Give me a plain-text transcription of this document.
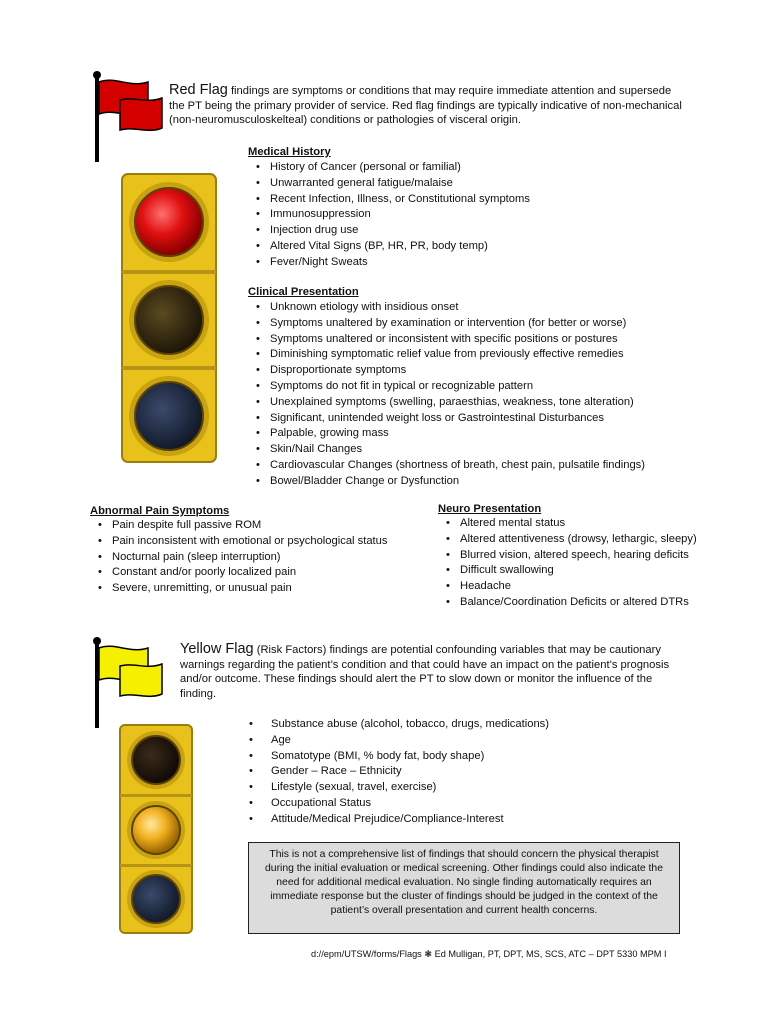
Red Flag findings are symptoms or conditions that may require immediate attention and supersede the PT being the primary provider of service. Red flag findings are typically indicative of non-mechanical (non-neuromusculoskelteal) conditions or pathologies of visceral origin.
Medical History
• History of Cancer (personal or familial)
• Unwarranted general fatigue/malaise
• Recent Infection, Illness, or Constitutional symptoms
• Immunosuppression
• Injection drug use
• Altered Vital Signs (BP, HR, PR, body temp)
• Fever/Night Sweats
Clinical Presentation
• Unknown etiology with insidious onset
• Symptoms unaltered by examination or intervention (for better or worse)
• Symptoms unaltered or inconsistent with specific positions or postures
• Diminishing symptomatic relief value from previously effective remedies
• Disproportionate symptoms
• Symptoms do not fit in typical or recognizable pattern
• Unexplained symptoms (swelling, paraesthias, weakness, tone alteration)
• Significant, unintended weight loss or Gastrointestinal Disturbances
• Palpable, growing mass
• Skin/Nail Changes
• Cardiovascular Changes (shortness of breath, chest pain, pulsatile findings)
• Bowel/Bladder Change or Dysfunction
Abnormal Pain Symptoms
• Pain despite full passive ROM
• Pain inconsistent with emotional or psychological status
• Nocturnal pain (sleep interruption)
• Constant and/or poorly localized pain
• Severe, unremitting, or unusual pain
Neuro Presentation
• Altered mental status
• Altered attentiveness (drowsy, lethargic, sleepy)
• Blurred vision, altered speech, hearing deficits
• Difficult swallowing
• Headache
• Balance/Coordination Deficits or altered DTRs
Yellow Flag (Risk Factors) findings are potential confounding variables that may be cautionary warnings regarding the patient’s condition and that could have an impact on the patient’s prognosis and/or outcome. These findings should alert the PT to slow down or monitor the influence of the finding.
• Substance abuse (alcohol, tobacco, drugs, medications)
• Age
• Somatotype (BMI, % body fat, body shape)
• Gender – Race – Ethnicity
• Lifestyle (sexual, travel, exercise)
• Occupational Status
• Attitude/Medical Prejudice/Compliance-Interest
This is not a comprehensive list of findings that should concern the physical therapist during the initial evaluation or medical screening. Other findings could also indicate the need for additional medical evaluation. No single finding automatically requires an immediate response but the cluster of findings should be judged in the context of the patient’s overall presentation and current health concerns.
d://epm/UTSW/forms/Flags ❃ Ed Mulligan, PT, DPT, MS, SCS, ATC – DPT 5330 MPM I
